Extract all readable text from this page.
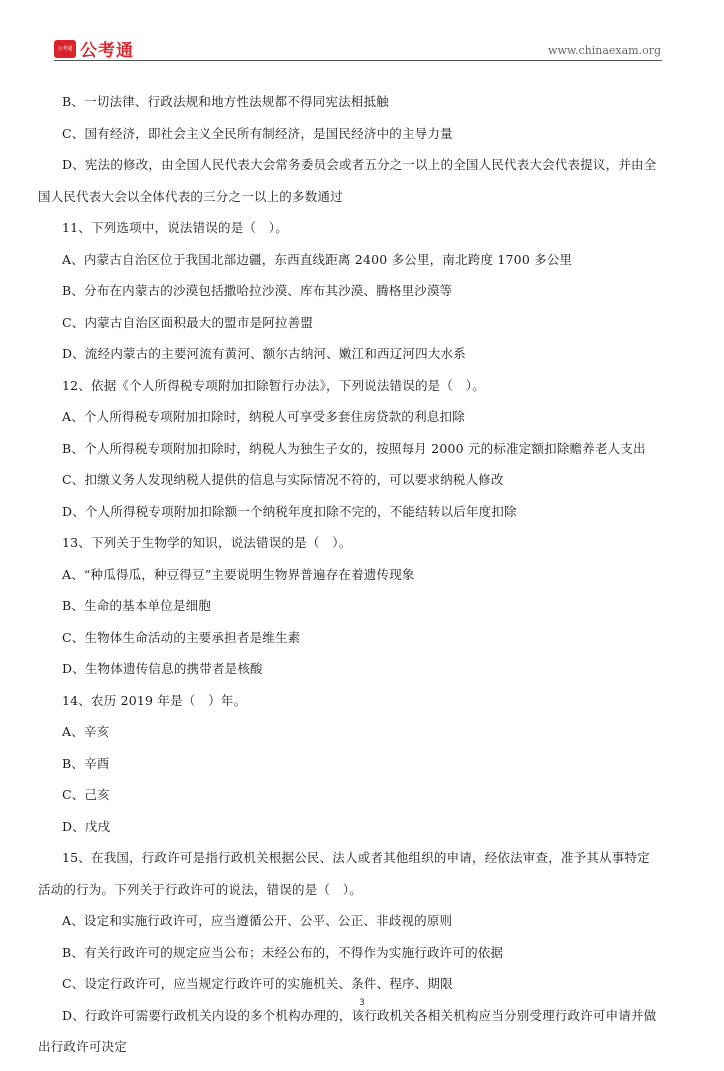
公考通 公考通	www.chinaexam.org
B、一切法律、行政法规和地方性法规都不得同宪法相抵触
C、国有经济，即社会主义全民所有制经济，是国民经济中的主导力量
D、宪法的修改，由全国人民代表大会常务委员会或者五分之一以上的全国人民代表大会代表提议，并由全
国人民代表大会以全体代表的三分之一以上的多数通过
11、下列选项中，说法错误的是（　）。
A、内蒙古自治区位于我国北部边疆，东西直线距离 2400 多公里，南北跨度 1700 多公里
B、分布在内蒙古的沙漠包括撒哈拉沙漠、库布其沙漠、腾格里沙漠等
C、内蒙古自治区面积最大的盟市是阿拉善盟
D、流经内蒙古的主要河流有黄河、额尔古纳河、嫩江和西辽河四大水系
12、依据《个人所得税专项附加扣除暂行办法》，下列说法错误的是（　）。
A、个人所得税专项附加扣除时，纳税人可享受多套住房贷款的利息扣除
B、个人所得税专项附加扣除时，纳税人为独生子女的，按照每月 2000 元的标准定额扣除赡养老人支出
C、扣缴义务人发现纳税人提供的信息与实际情况不符的，可以要求纳税人修改
D、个人所得税专项附加扣除额一个纳税年度扣除不完的，不能结转以后年度扣除
13、下列关于生物学的知识，说法错误的是（　）。
A、“种瓜得瓜，种豆得豆”主要说明生物界普遍存在着遗传现象
B、生命的基本单位是细胞
C、生物体生命活动的主要承担者是维生素
D、生物体遗传信息的携带者是核酸
14、农历 2019 年是（　）年。
A、辛亥
B、辛酉
C、己亥
D、戊戌
15、在我国，行政许可是指行政机关根据公民、法人或者其他组织的申请，经依法审查，准予其从事特定
活动的行为。下列关于行政许可的说法，错误的是（　）。
A、设定和实施行政许可，应当遵循公开、公平、公正、非歧视的原则
B、有关行政许可的规定应当公布；未经公布的，不得作为实施行政许可的依据
C、设定行政许可，应当规定行政许可的实施机关、条件、程序、期限
D、行政许可需要行政机关内设的多个机构办理的，该行政机关各相关机构应当分别受理行政许可申请并做
出行政许可决定
3
